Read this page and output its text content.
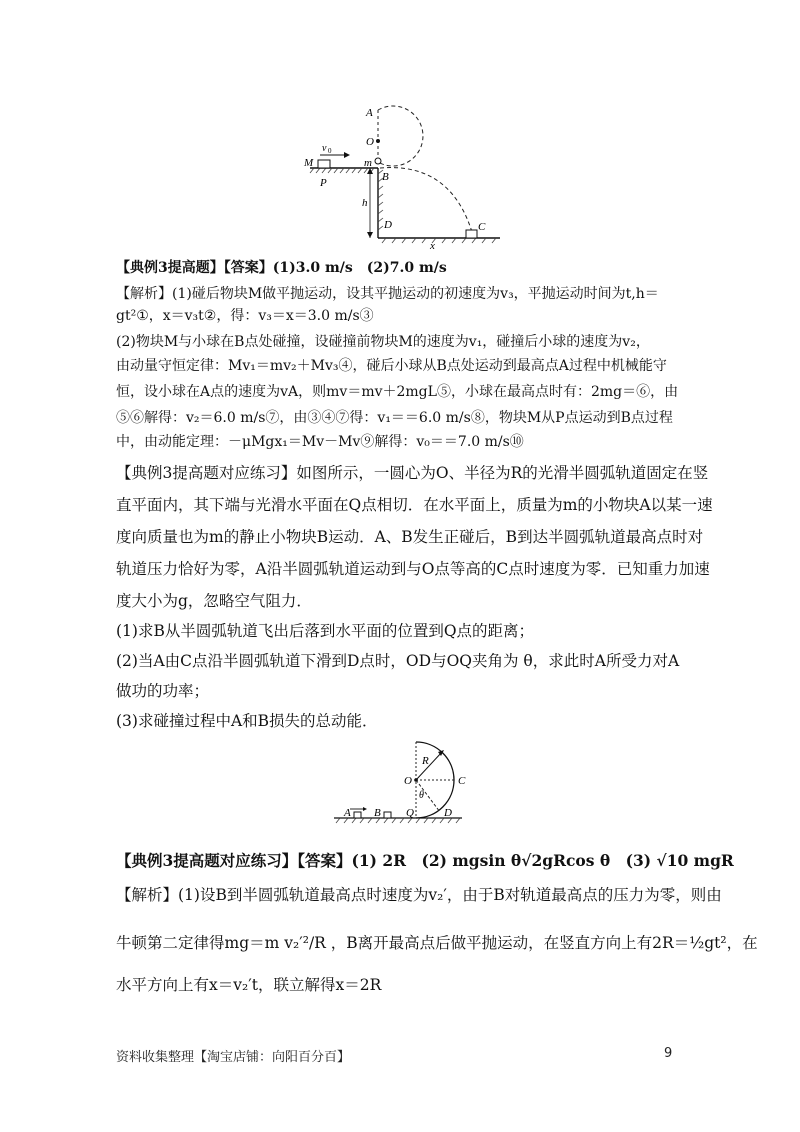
A
O
v 0
M	m
B
P
h
D	C
x
【典例3提高题】【答案】(1)3.0 m/s　(2)7.0 m/s
【解析】(1)碰后物块M做平抛运动，设其平抛运动的初速度为v₃，平抛运动时间为t,h＝
gt²①，x＝v₃t②，得：v₃＝x＝3.0 m/s③
(2)物块M与小球在B点处碰撞，设碰撞前物块M的速度为v₁，碰撞后小球的速度为v₂，
由动量守恒定律：Mv₁＝mv₂＋Mv₃④，碰后小球从B点处运动到最高点A过程中机械能守
恒，设小球在A点的速度为vA，则mv＝mv＋2mgL⑤，小球在最高点时有：2mg＝⑥，由
⑤⑥解得：v₂＝6.0 m/s⑦，由③④⑦得：v₁＝＝6.0 m/s⑧，物块M从P点运动到B点过程
中，由动能定理：－μMgx₁＝Mv－Mv⑨解得：v₀＝＝7.0 m/s⑩
【典例3提高题对应练习】如图所示，一圆心为O、半径为R的光滑半圆弧轨道固定在竖
直平面内，其下端与光滑水平面在Q点相切．在水平面上，质量为m的小物块A以某一速
度向质量也为m的静止小物块B运动．A、B发生正碰后，B到达半圆弧轨道最高点时对
轨道压力恰好为零，A沿半圆弧轨道运动到与O点等高的C点时速度为零．已知重力加速
度大小为g，忽略空气阻力．
(1)求B从半圆弧轨道飞出后落到水平面的位置到Q点的距离；
(2)当A由C点沿半圆弧轨道下滑到D点时，OD与OQ夹角为 θ，求此时A所受力对A
做功的功率；
(3)求碰撞过程中A和B损失的总动能．
R
O	C
θ
A B Q	D
【典例3提高题对应练习】【答案】(1) 2R　(2) mgsin θ√2gRcos θ　(3) √10 mgR
【解析】(1)设B到半圆弧轨道最高点时速度为v₂′，由于B对轨道最高点的压力为零，则由
牛顿第二定律得mg＝m v₂′²/R ，B离开最高点后做平抛运动，在竖直方向上有2R＝½gt²，在
水平方向上有x＝v₂′t，联立解得x＝2R
资料收集整理【淘宝店铺：向阳百分百】	9
